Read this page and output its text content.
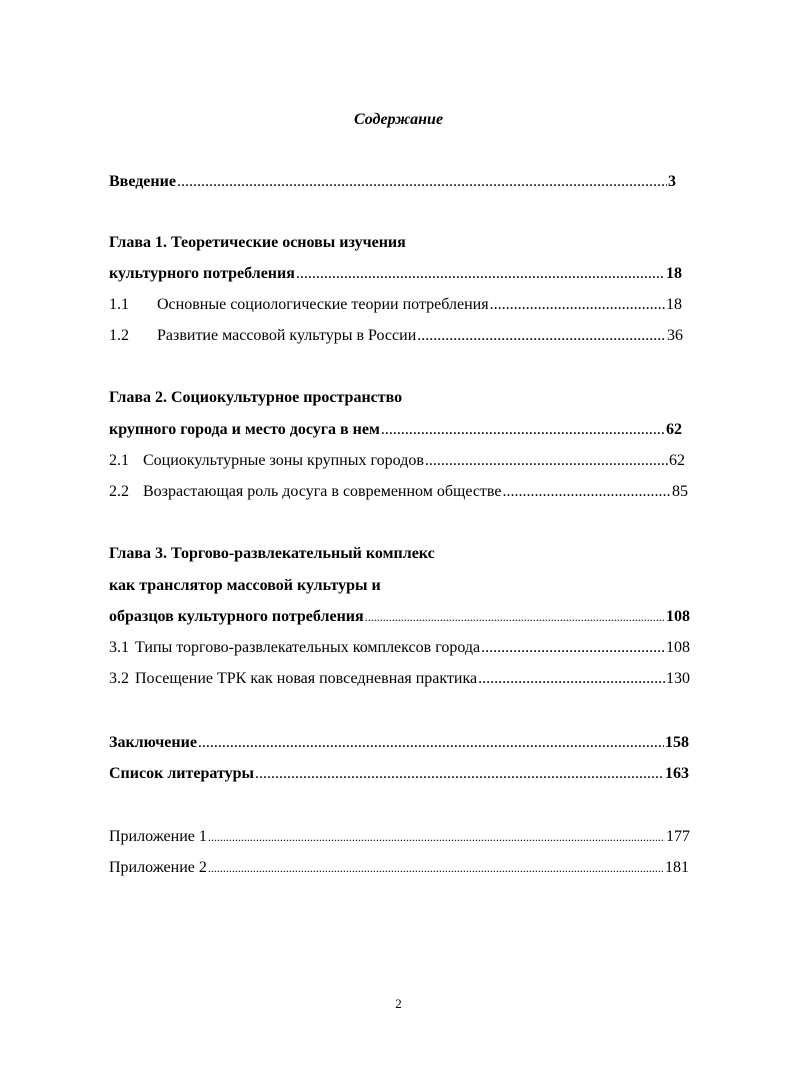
Содержание
Введение .....	3
Глава 1. Теоретические основы изучения
культурного потребления .....	18
1.1	Основные социологические теории потребления .....	18
1.2	Развитие массовой культуры в России .....	36
Глава 2. Социокультурное пространство
крупного города и место досуга в нем .....	62
2.1 Социокультурные зоны крупных городов .....	62
2.2 Возрастающая роль досуга в современном обществе .....	85
Глава 3. Торгово-развлекательный комплекс
как транслятор массовой культуры и
образцов культурного потребления .....	108
3.1 Типы торгово-развлекательных комплексов города .....	108
3.2 Посещение ТРК как новая повседневная практика .....	130
Заключение .....	158
Список литературы .....	163
Приложение 1 .....	177
Приложение 2 .....	181
2
